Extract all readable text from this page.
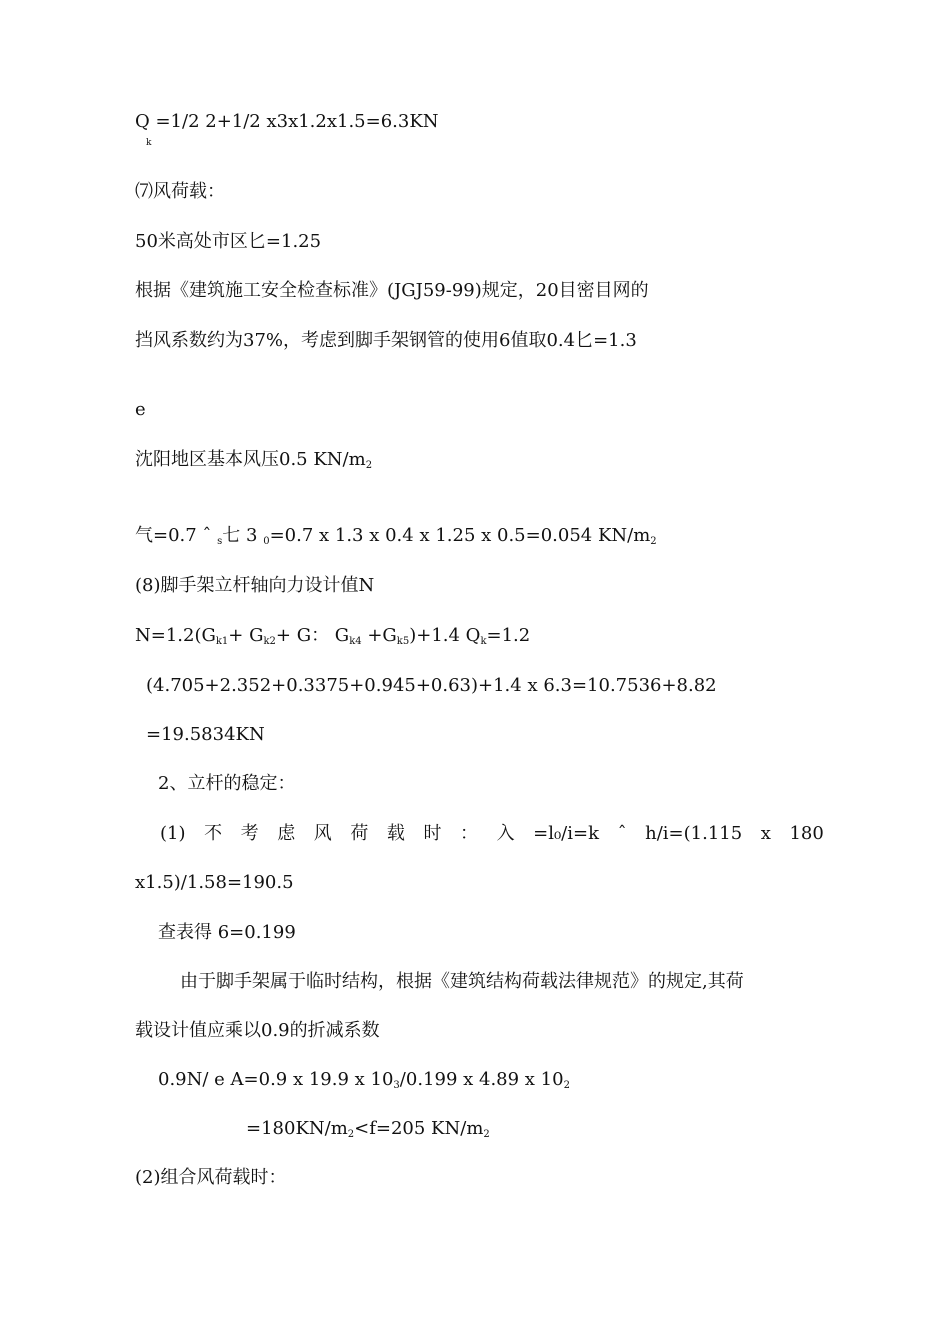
Q =1/2 2+1/2 x3x1.2x1.5=6.3KN
k
⑺风荷载：
50米高处市区匕=1.25
根据《建筑施工安全检查标准》(JGJ59-99)规定，20目密目网的
挡风系数约为37%，考虑到脚手架钢管的使用6值取0.4匕=1.3
e
沈阳地区基本风压0.5 $KN/m_2$
气=0.7 ˆ $_s$七 3 $_0$=0.7 x 1.3 x 0.4 x 1.25 x 0.5=0.054 $KN/m_2$
(8)脚手架立杆轴向力设计值N
$N=1.2(G_{k1}+ G_{k2}+ G$： $G_{k4} +G_{k5})+1.4$ $Q_k=1.2$
(4.705+2.352+0.3375+0.945+0.63)+1.4 x 6.3=10.7536+8.82
=19.5834KN
2、立杆的稳定：
(1) 不 考 虑 风 荷 载 时 ： 入 =l₀/i=k ˆ h/i=(1.115 x 180
x1.5)/1.58=190.5
查表得 6=0.199
由于脚手架属于临时结构，根据《建筑结构荷载法律规范》的规定,其荷
载设计值应乘以0.9的折减系数
0.9N/ e A=0.9 x 19.9 x $10_3/0.199$ x 4.89 x $10_2$
$=180KN/m_2<f=205$ $KN/m_2$
(2)组合风荷载时：
